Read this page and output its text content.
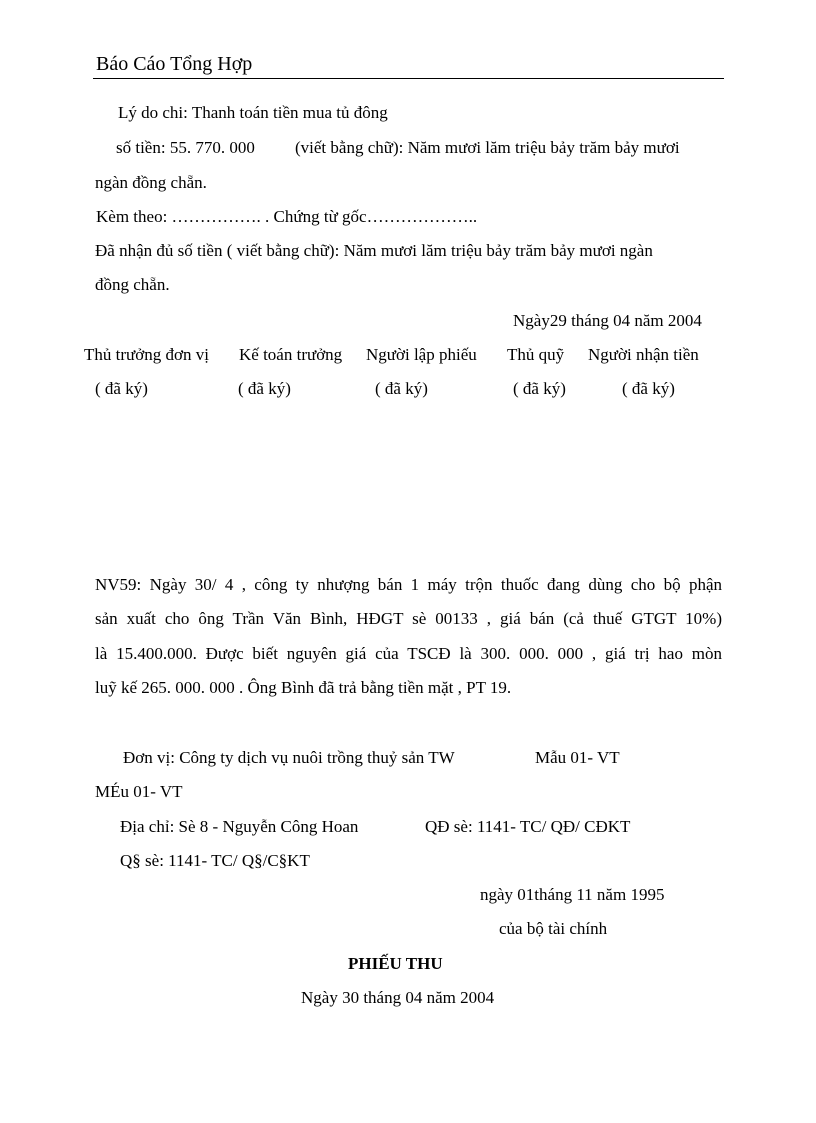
Báo Cáo Tổng Hợp
Lý do chi: Thanh toán tiền mua tủ đông
số tiền: 55. 770. 000 (viết bằng chữ): Năm mươi lăm triệu bảy trăm bảy mươi
ngàn đồng chẵn.
Kèm theo: ……………. . Chứng từ gốc………………..
Đã nhận đủ số tiền ( viết bằng chữ): Năm mươi lăm triệu bảy trăm bảy mươi ngàn
đồng chẵn.
Ngày29 tháng 04 năm 2004
Thủ trưởng đơn vị Kế toán trưởng Người lập phiếu Thủ quỹ Người nhận tiền
( đã ký)	( đã ký)	( đã ký)	( đã ký)	( đã ký)
NV59: Ngày 30/ 4 , công ty nhượng bán 1 máy trộn thuốc đang dùng cho bộ phận
sản xuất cho ông Trần Văn Bình, HĐGT sè 00133 , giá bán (cả thuế GTGT 10%)
là 15.400.000. Được biết nguyên giá của TSCĐ là 300. 000. 000 , giá trị hao mòn
luỹ kế 265. 000. 000 . Ông Bình đã trả bằng tiền mặt , PT 19.
Đơn vị: Công ty dịch vụ nuôi trồng thuỷ sản TW	Mẫu 01- VT
MÉu 01- VT
Địa chỉ: Sè 8 - Nguyễn Công Hoan	QĐ sè: 1141- TC/ QĐ/ CĐKT
Q§ sè: 1141- TC/ Q§/C§KT
ngày 01tháng 11 năm 1995
của bộ tài chính
PHIẾU THU
Ngày 30 tháng 04 năm 2004
